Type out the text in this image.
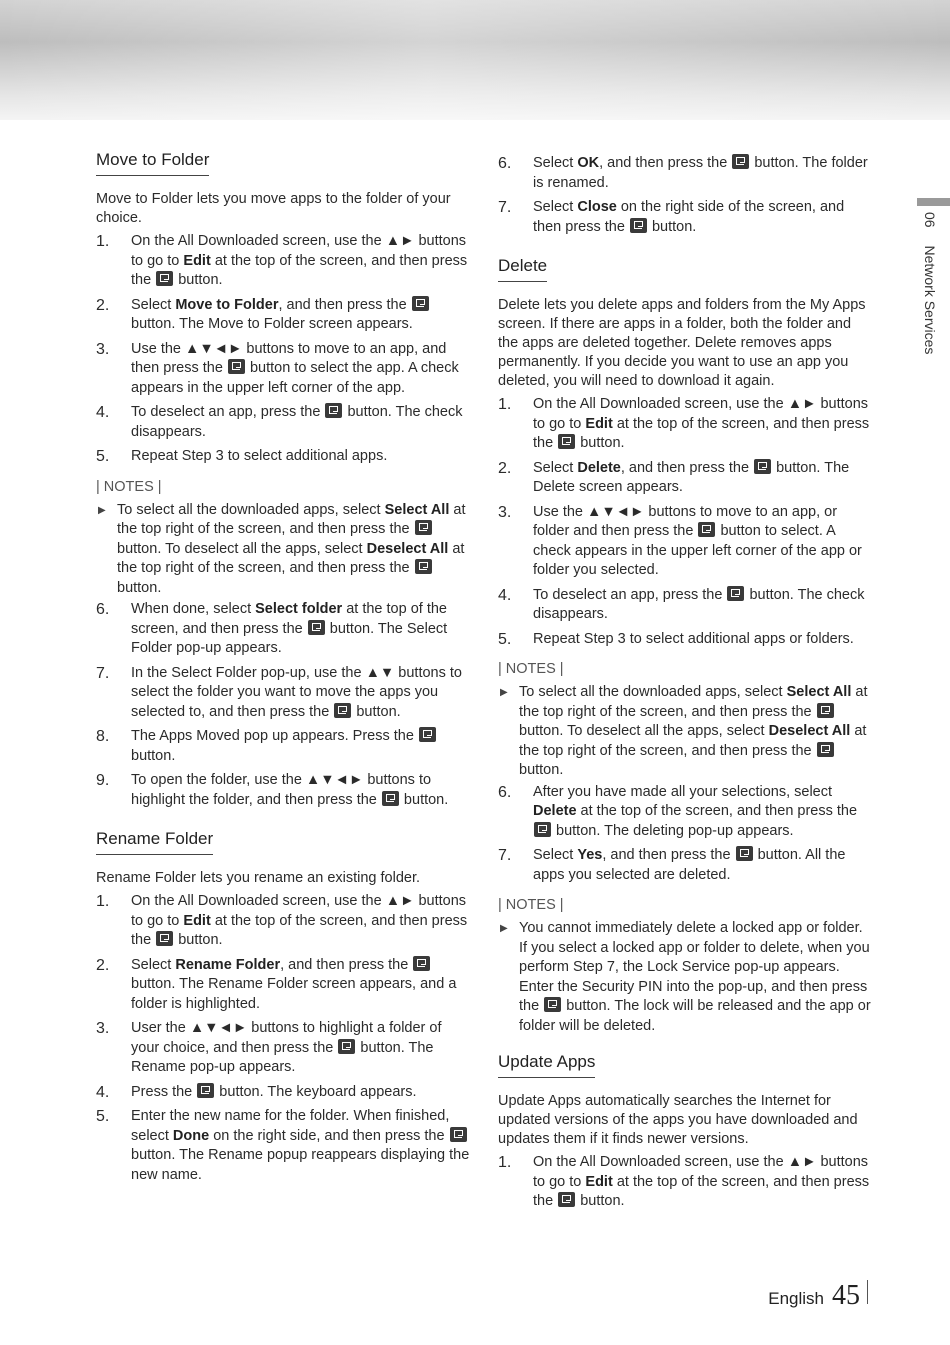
06 Network Services
Move to Folder

Move to Folder lets you move apps to the folder of your choice.

1. On the All Downloaded screen, use the ▲► buttons to go to Edit at the top of the screen, and then press the  button.
2. Select Move to Folder, and then press the  button. The Move to Folder screen appears.
3. Use the ▲▼◄► buttons to move to an app, and then press the  button to select the app. A check appears in the upper left corner of the app.
4. To deselect an app, press the  button. The check disappears.
5. Repeat Step 3 to select additional apps.
| NOTES |
▶ To select all the downloaded apps, select Select All at the top right of the screen, and then press the  button. To deselect all the apps, select Deselect All at the top right of the screen, and then press the  button.
6. When done, select Select folder at the top of the screen, and then press the  button. The Select Folder pop-up appears.
7. In the Select Folder pop-up, use the ▲▼ buttons to select the folder you want to move the apps you selected to, and then press the  button.
8. The Apps Moved pop up appears. Press the  button.
9. To open the folder, use the ▲▼◄► buttons to highlight the folder, and then press the  button.
Rename Folder

Rename Folder lets you rename an existing folder.

1. On the All Downloaded screen, use the ▲► buttons to go to Edit at the top of the screen, and then press the  button.
2. Select Rename Folder, and then press the  button. The Rename Folder screen appears, and a folder is highlighted.
3. User the ▲▼◄► buttons to highlight a folder of your choice, and then press the  button. The Rename pop-up appears.
4. Press the  button. The keyboard appears.
5. Enter the new name for the folder. When finished, select Done on the right side, and then press the  button. The Rename popup reappears displaying the new name.
6. Select OK, and then press the  button. The folder is renamed.
7. Select Close on the right side of the screen, and then press the  button.
Delete

Delete lets you delete apps and folders from the My Apps screen. If there are apps in a folder, both the folder and the apps are deleted together. Delete removes apps permanently. If you decide you want to use an app you deleted, you will need to download it again.

1. On the All Downloaded screen, use the ▲► buttons to go to Edit at the top of the screen, and then press the  button.
2. Select Delete, and then press the  button. The Delete screen appears.
3. Use the ▲▼◄► buttons to move to an app, or folder and then press the  button to select. A check appears in the upper left corner of the app or folder you selected.
4. To deselect an app, press the  button. The check disappears.
5. Repeat Step 3 to select additional apps or folders.
| NOTES |
▶ To select all the downloaded apps, select Select All at the top right of the screen, and then press the  button. To deselect all the apps, select Deselect All at the top right of the screen, and then press the  button.
6. After you have made all your selections, select Delete at the top of the screen, and then press the  button. The deleting pop-up appears.
7. Select Yes, and then press the  button. All the apps you selected are deleted.
| NOTES |
▶ You cannot immediately delete a locked app or folder. If you select a locked app or folder to delete, when you perform Step 7, the Lock Service pop-up appears. Enter the Security PIN into the pop-up, and then press the  button. The lock will be released and the app or folder will be deleted.
Update Apps

Update Apps automatically searches the Internet for updated versions of the apps you have downloaded and updates them if it finds newer versions.

1. On the All Downloaded screen, use the ▲► buttons to go to Edit at the top of the screen, and then press the  button.
English 45
